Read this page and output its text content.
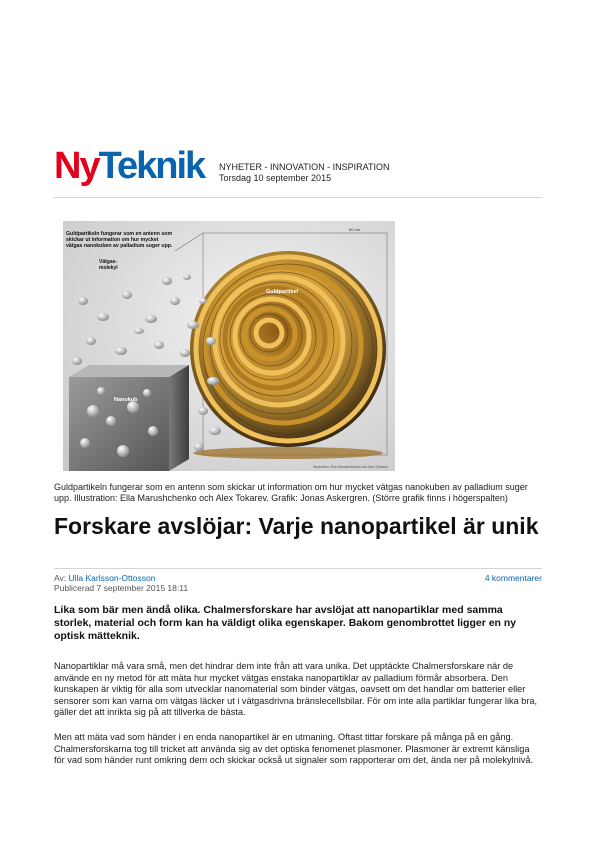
NyTeknik	NYHETER - INNOVATION - INSPIRATION
Torsdag 10 september 2015
Guldpartikeln fungerar som en antenn som skickar ut information om hur mycket vätgas nanokuben av palladium suger upp.
Vätgas-molekyl
Guldpartikel
Nanokub
80 nm
Illustration: Ella Marushchenko och Alex Tokarev
Guldpartikeln fungerar som en antenn som skickar ut information om hur mycket vätgas nanokuben av palladium suger upp. Illustration: Ella Marushchenko och Alex Tokarev. Grafik: Jonas Askergren. (Större grafik finns i högerspalten)
Forskare avslöjar: Varje nanopartikel är unik
Av: Ulla Karlsson-Ottosson
Publicerad 7 september 2015 18:11
4 kommentarer

Lika som bär men ändå olika. Chalmersforskare har avslöjat att nanopartiklar med samma storlek, material och form kan ha väldigt olika egenskaper. Bakom genombrottet ligger en ny optisk mätteknik.

Nanopartiklar må vara små, men det hindrar dem inte från att vara unika. Det upptäckte Chalmersforskare när de använde en ny metod för att mäta hur mycket vätgas enstaka nanopartiklar av palladium förmår absorbera. Den kunskapen är viktig för alla som utvecklar nanomaterial som binder vätgas, oavsett om det handlar om batterier eller sensorer som kan varna om vätgas läcker ut i vätgasdrivna bränslecellsbilar. För om inte alla partiklar fungerar lika bra, gäller det att inrikta sig på att tillverka de bästa.

Men att mäta vad som händer i en enda nanopartikel är en utmaning. Oftast tittar forskare på många på en gång. Chalmersforskarna tog till tricket att använda sig av det optiska fenomenet plasmoner. Plasmoner är extremt känsliga för vad som händer runt omkring dem och skickar också ut signaler som rapporterar om det, ända ner på molekylnivå.
